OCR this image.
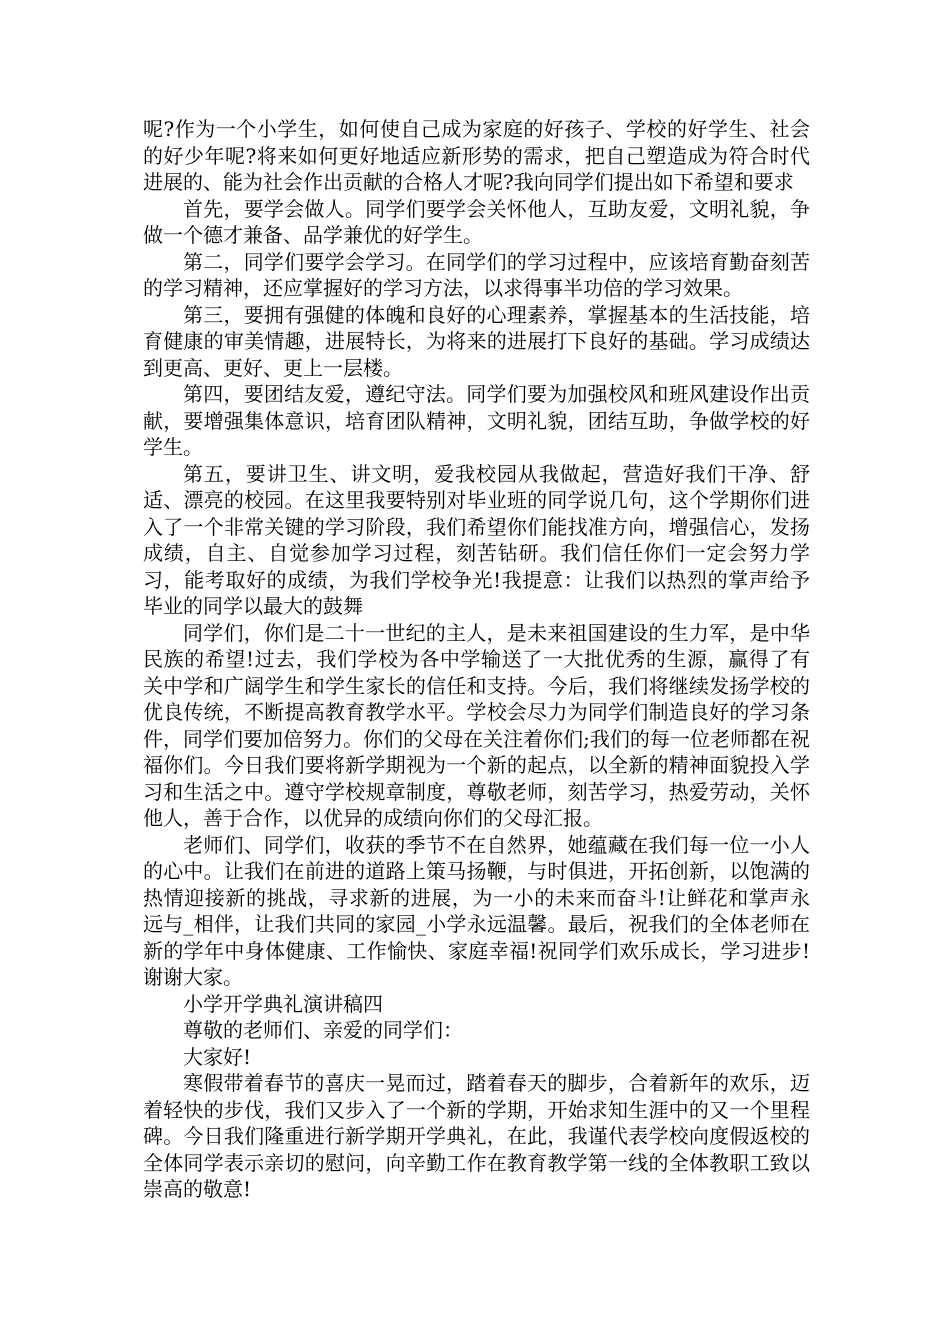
呢?作为一个小学生，如何使自己成为家庭的好孩子、学校的好学生、社会的好少年呢?将来如何更好地适应新形势的需求，把自己塑造成为符合时代进展的、能为社会作出贡献的合格人才呢?我向同学们提出如下希望和要求

首先，要学会做人。同学们要学会关怀他人，互助友爱，文明礼貌，争做一个德才兼备、品学兼优的好学生。

第二，同学们要学会学习。在同学们的学习过程中，应该培育勤奋刻苦的学习精神，还应掌握好的学习方法，以求得事半功倍的学习效果。

第三，要拥有强健的体魄和良好的心理素养，掌握基本的生活技能，培育健康的审美情趣，进展特长，为将来的进展打下良好的基础。学习成绩达到更高、更好、更上一层楼。

第四，要团结友爱，遵纪守法。同学们要为加强校风和班风建设作出贡献，要增强集体意识，培育团队精神，文明礼貌，团结互助，争做学校的好学生。

第五，要讲卫生、讲文明，爱我校园从我做起，营造好我们干净、舒适、漂亮的校园。在这里我要特别对毕业班的同学说几句，这个学期你们进入了一个非常关键的学习阶段，我们希望你们能找准方向，增强信心，发扬成绩，自主、自觉参加学习过程，刻苦钻研。我们信任你们一定会努力学习，能考取好的成绩，为我们学校争光!我提意：让我们以热烈的掌声给予毕业的同学以最大的鼓舞

同学们，你们是二十一世纪的主人，是未来祖国建设的生力军，是中华民族的希望!过去，我们学校为各中学输送了一大批优秀的生源，赢得了有关中学和广阔学生和学生家长的信任和支持。今后，我们将继续发扬学校的优良传统，不断提高教育教学水平。学校会尽力为同学们制造良好的学习条件，同学们要加倍努力。你们的父母在关注着你们;我们的每一位老师都在祝福你们。今日我们要将新学期视为一个新的起点，以全新的精神面貌投入学习和生活之中。遵守学校规章制度，尊敬老师，刻苦学习，热爱劳动，关怀他人，善于合作，以优异的成绩向你们的父母汇报。

老师们、同学们，收获的季节不在自然界，她蕴藏在我们每一位一小人的心中。让我们在前进的道路上策马扬鞭，与时俱进，开拓创新，以饱满的热情迎接新的挑战，寻求新的进展，为一小的未来而奋斗!让鲜花和掌声永远与_相伴，让我们共同的家园_小学永远温馨。最后，祝我们的全体老师在新的学年中身体健康、工作愉快、家庭幸福!祝同学们欢乐成长，学习进步!谢谢大家。

小学开学典礼演讲稿四

尊敬的老师们、亲爱的同学们：

大家好!

寒假带着春节的喜庆一晃而过，踏着春天的脚步，合着新年的欢乐，迈着轻快的步伐，我们又步入了一个新的学期，开始求知生涯中的又一个里程碑。今日我们隆重进行新学期开学典礼，在此，我谨代表学校向度假返校的全体同学表示亲切的慰问，向辛勤工作在教育教学第一线的全体教职工致以崇高的敬意!
